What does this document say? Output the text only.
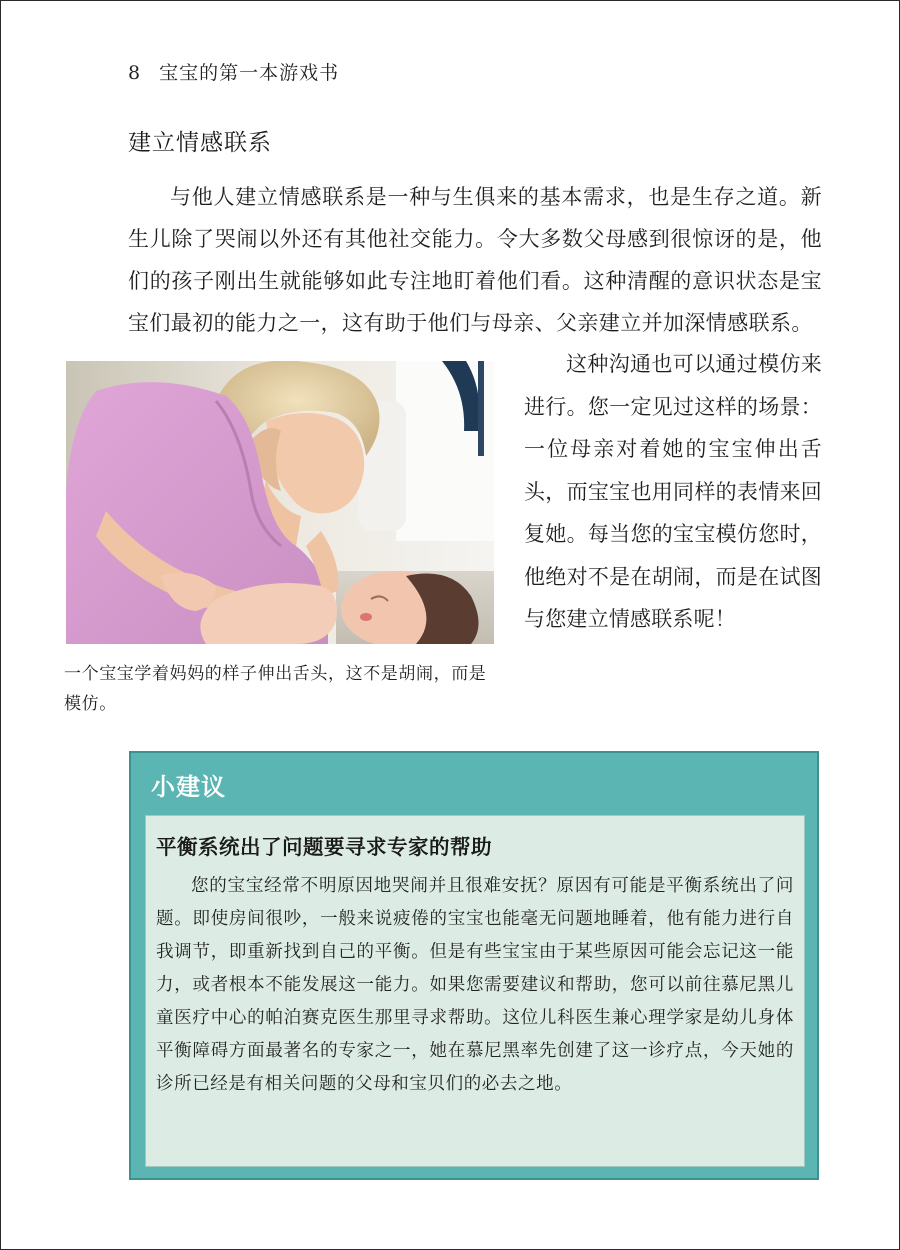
8 宝宝的第一本游戏书
建立情感联系

与他人建立情感联系是一种与生俱来的基本需求，也是生存之道。新生儿除了哭闹以外还有其他社交能力。令大多数父母感到很惊讶的是，他们的孩子刚出生就能够如此专注地盯着他们看。这种清醒的意识状态是宝宝们最初的能力之一，这有助于他们与母亲、父亲建立并加深情感联系。

一个宝宝学着妈妈的样子伸出舌头，这不是胡闹，而是模仿。

这种沟通也可以通过模仿来进行。您一定见过这样的场景：一位母亲对着她的宝宝伸出舌头，而宝宝也用同样的表情来回复她。每当您的宝宝模仿您时，他绝对不是在胡闹，而是在试图与您建立情感联系呢！

小建议
平衡系统出了问题要寻求专家的帮助

您的宝宝经常不明原因地哭闹并且很难安抚？原因有可能是平衡系统出了问题。即使房间很吵，一般来说疲倦的宝宝也能毫无问题地睡着，他有能力进行自我调节，即重新找到自己的平衡。但是有些宝宝由于某些原因可能会忘记这一能力，或者根本不能发展这一能力。如果您需要建议和帮助，您可以前往慕尼黑儿童医疗中心的帕泊赛克医生那里寻求帮助。这位儿科医生兼心理学家是幼儿身体平衡障碍方面最著名的专家之一，她在慕尼黑率先创建了这一诊疗点，今天她的诊所已经是有相关问题的父母和宝贝们的必去之地。
